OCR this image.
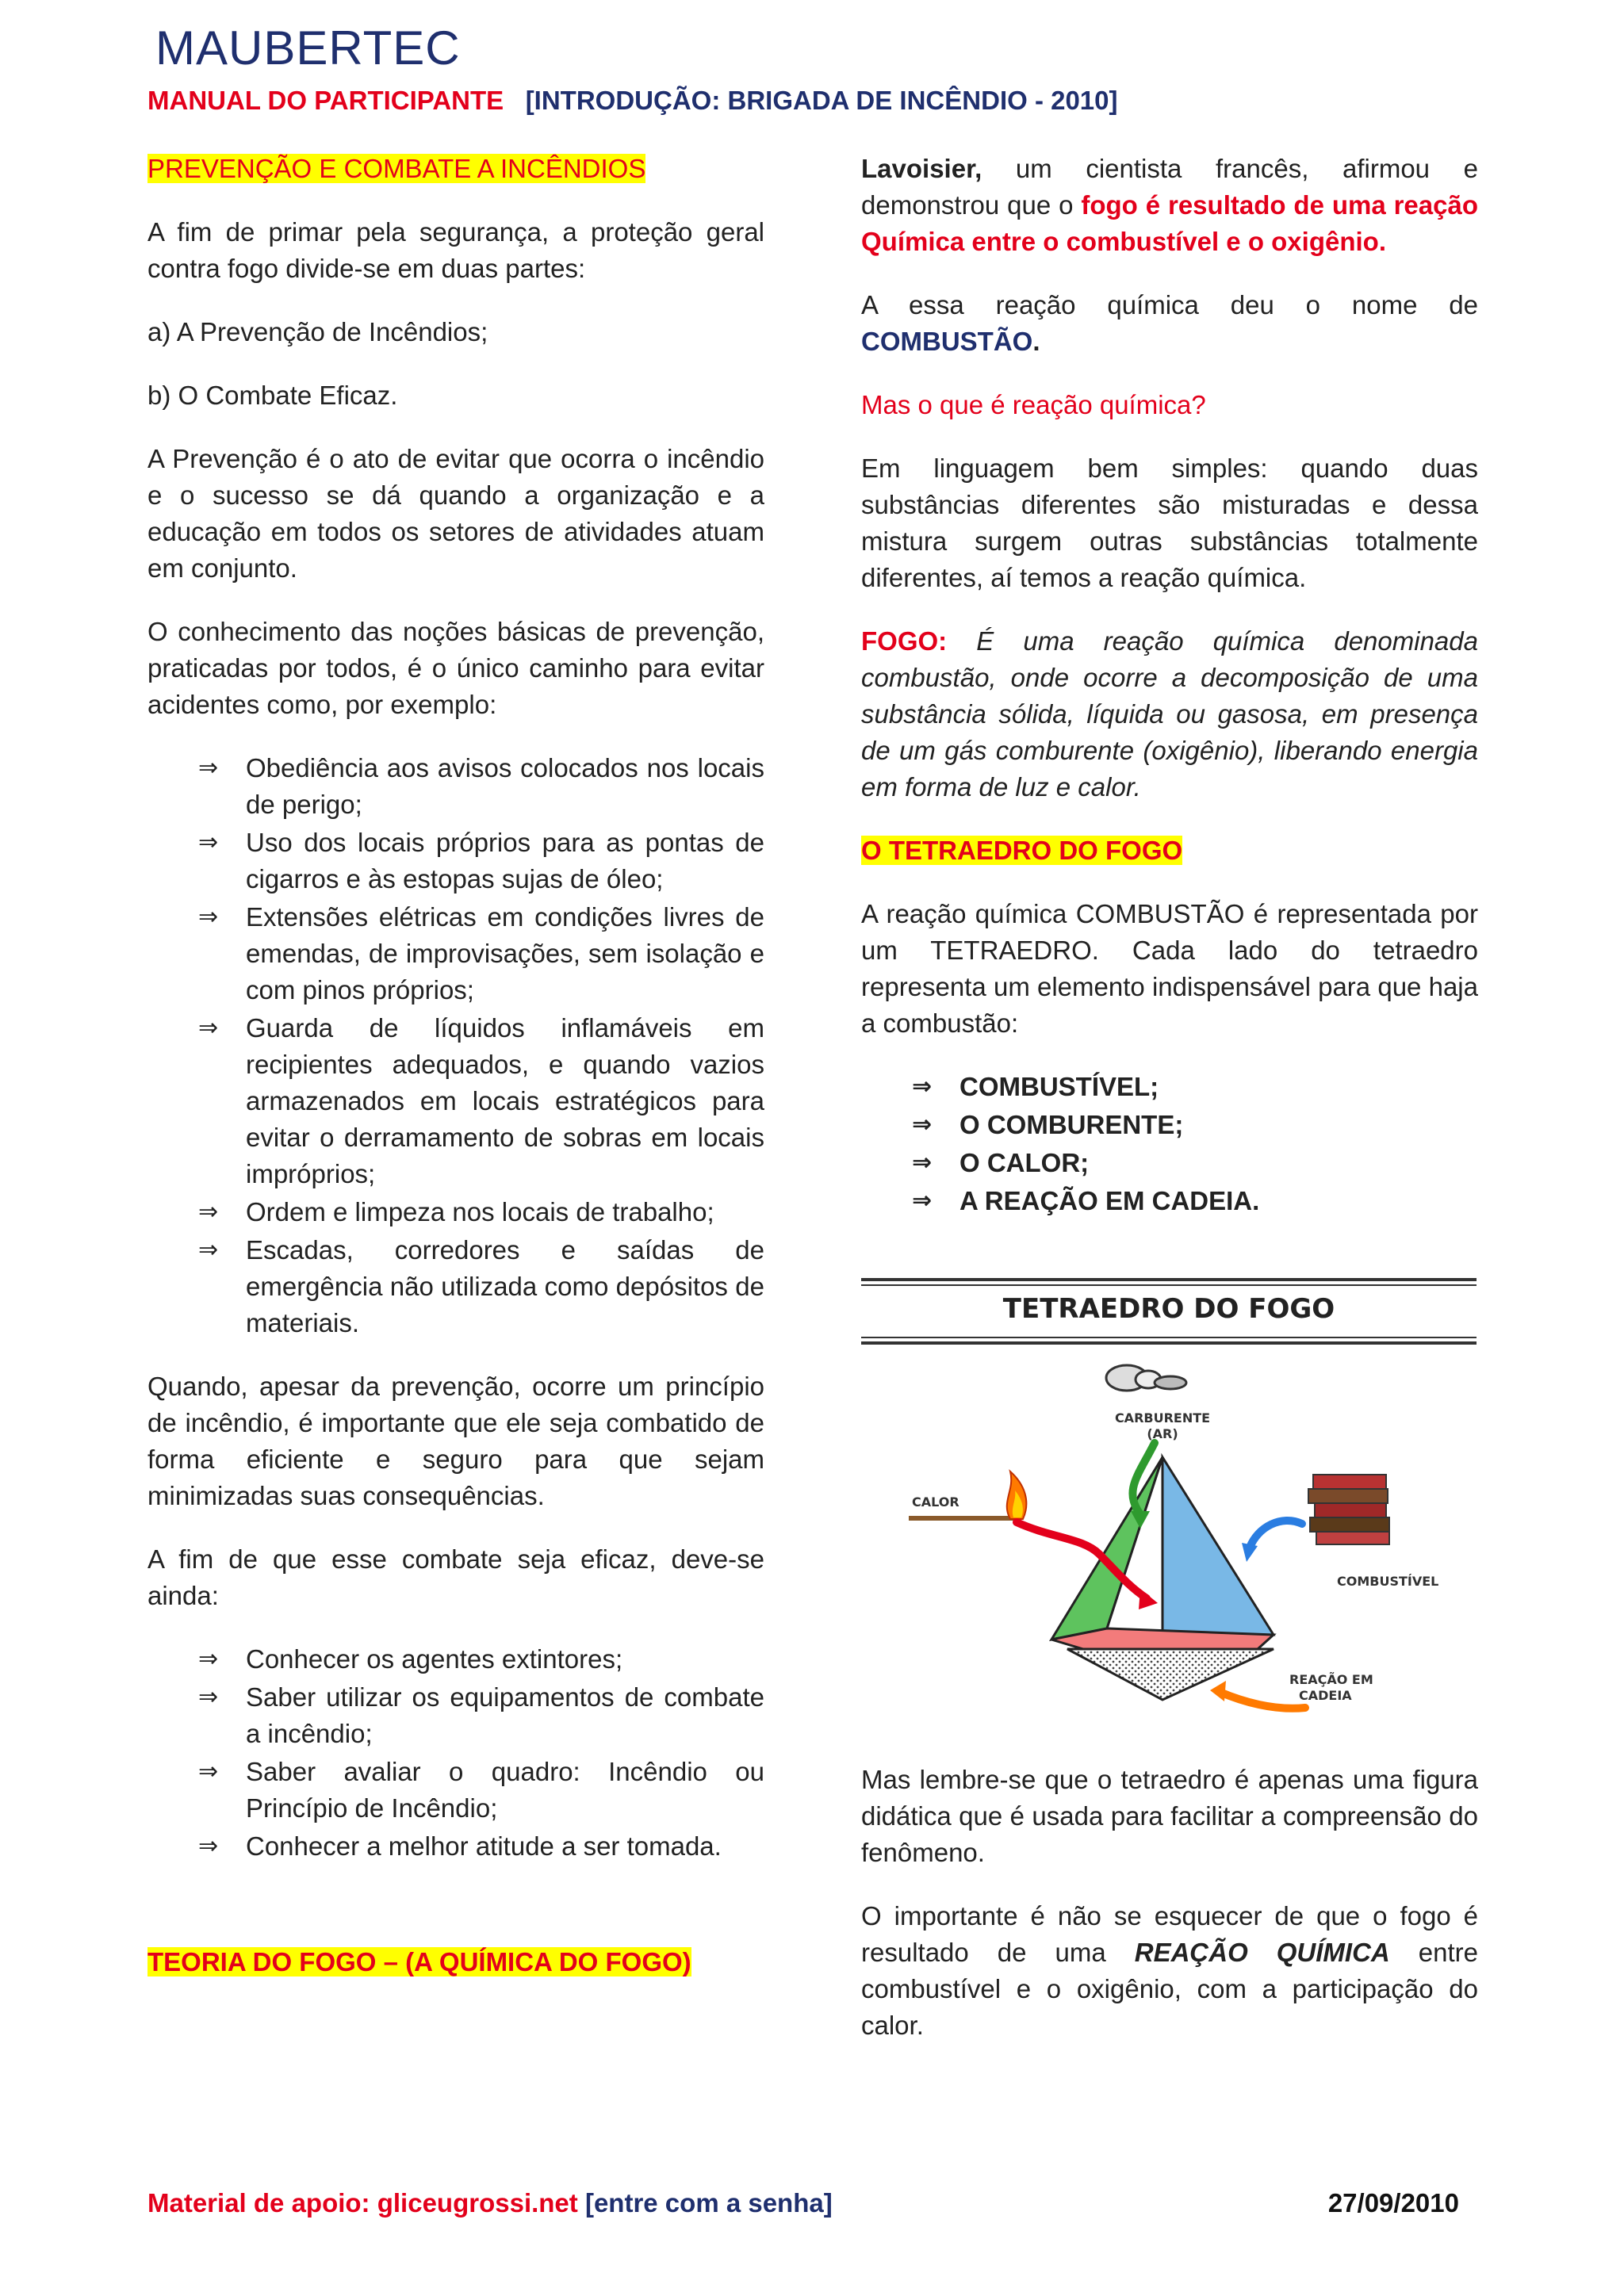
MAUBERTEC
MANUAL DO PARTICIPANTE [INTRODUÇÃO: BRIGADA DE INCÊNDIO - 2010]

PREVENÇÃO E COMBATE A INCÊNDIOS

A fim de primar pela segurança, a proteção geral contra fogo divide-se em duas partes:

a) A Prevenção de Incêndios;

b) O Combate Eficaz.

A Prevenção é o ato de evitar que ocorra o incêndio e o sucesso se dá quando a organização e a educação em todos os setores de atividades atuam em conjunto.

O conhecimento das noções básicas de prevenção, praticadas por todos, é o único caminho para evitar acidentes como, por exemplo:

⇒ Obediência aos avisos colocados nos locais de perigo;
⇒ Uso dos locais próprios para as pontas de cigarros e às estopas sujas de óleo;
⇒ Extensões elétricas em condições livres de emendas, de improvisações, sem isolação e com pinos próprios;
⇒ Guarda de líquidos inflamáveis em recipientes adequados, e quando vazios armazenados em locais estratégicos para evitar o derramamento de sobras em locais impróprios;
⇒ Ordem e limpeza nos locais de trabalho;
⇒ Escadas, corredores e saídas de emergência não utilizada como depósitos de materiais.

Quando, apesar da prevenção, ocorre um princípio de incêndio, é importante que ele seja combatido de forma eficiente e seguro para que sejam minimizadas suas consequências.

A fim de que esse combate seja eficaz, deve-se ainda:

⇒ Conhecer os agentes extintores;
⇒ Saber utilizar os equipamentos de combate a incêndio;
⇒ Saber avaliar o quadro: Incêndio ou Princípio de Incêndio;
⇒ Conhecer a melhor atitude a ser tomada.

TEORIA DO FOGO – (A QUÍMICA DO FOGO)

Lavoisier, um cientista francês, afirmou e demonstrou que o fogo é resultado de uma reação Química entre o combustível e o oxigênio.

A essa reação química deu o nome de COMBUSTÃO.

Mas o que é reação química?

Em linguagem bem simples: quando duas substâncias diferentes são misturadas e dessa mistura surgem outras substâncias totalmente diferentes, aí temos a reação química.

FOGO: É uma reação química denominada combustão, onde ocorre a decomposição de uma substância sólida, líquida ou gasosa, em presença de um gás comburente (oxigênio), liberando energia em forma de luz e calor.

O TETRAEDRO DO FOGO

A reação química COMBUSTÃO é representada por um TETRAEDRO. Cada lado do tetraedro representa um elemento indispensável para que haja a combustão:

⇒ COMBUSTÍVEL;
⇒ O COMBURENTE;
⇒ O CALOR;
⇒ A REAÇÃO EM CADEIA.
TETRAEDRO DO FOGO
CARBURENTE
(AR)
CALOR
COMBUSTÍVEL
REAÇÃO EM
CADEIA

Mas lembre-se que o tetraedro é apenas uma figura didática que é usada para facilitar a compreensão do fenômeno.

O importante é não se esquecer de que o fogo é resultado de uma REAÇÃO QUÍMICA entre combustível e o oxigênio, com a participação do calor.

Material de apoio: gliceugrossi.net [entre com a senha]	27/09/2010
